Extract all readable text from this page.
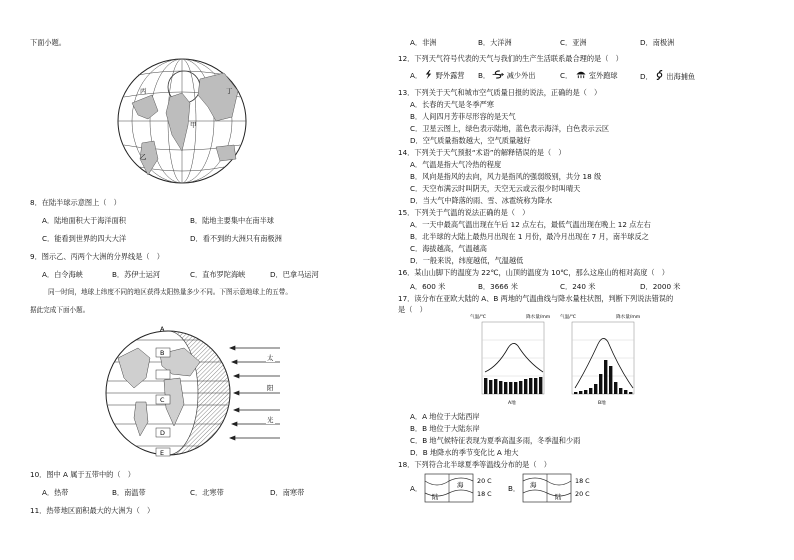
下面小题。
丙	丁
甲
乙
8．在陆半球示意图上（　）
A．陆地面积大于海洋面积	B．陆地主要集中在南半球
C．能看到世界的四大大洋	D．看不到的大洲只有南极洲
9．图示乙、丙两个大洲的分界线是（　）
A．白令海峡	B．苏伊士运河	C．直布罗陀海峡	D．巴拿马运河
同一时间，地球上纬度不同的地区获得太阳热量多少不同。下图示意地球上的五带。
据此完成下面小题。
A
B
C
D
E
太
阳
光
10．图中 A 属于五带中的（　）
A．热带	B．南温带	C．北寒带	D．南寒带
11．热带地区面积最大的大洲为（　）
A．非洲	B．大洋洲	C．亚洲	D．南极洲
12．下列天气符号代表的天气与我们的生产生活联系最合理的是（　）
A． 野外露营 B． 减少外出	C． 室外跑球	D． 出海捕鱼
13．下列关于天气和城市空气质量日报的说法，正确的是（　）
A．长春的天气是冬季严寒
B．人间四月芳菲尽形容的是天气
C．卫星云图上，绿色表示陆地，蓝色表示海洋，白色表示云区
D．空气质量指数越大，空气质量越好
14．下列关于天气预报“术语”的解释错误的是（　）
A．气温是指大气冷热的程度
B．风向是指风的去向，风力是指风的强弱级别，共分 18 级
C．天空布满云时叫阴天，天空无云或云很少时叫晴天
D．当大气中降落的雨、雪、冰雹统称为降水
15．下列关于气温的说法正确的是（　）
A．一天中最高气温出现在午后 12 点左右，最低气温出现在晚上 12 点左右
B．北半球的大陆上最热月出现在 1 月份，最冷月出现在 7 月，南半球反之
C．海拔越高，气温越高
D．一般来说，纬度越低，气温越低
16．某山山脚下的温度为 22℃，山顶的温度为 10℃，那么这座山的相对高度（　）
A．600 米	B．3666 米	C．240 米	D．2000 米
17．读分布在亚欧大陆的 A、B 两地的气温曲线与降水量柱状图，判断下列说法错误的
是（　）
气温/℃	降水量/mm
A地
气温/℃	降水量/mm
B地
A．A 地位于大陆西岸
B．B 地位于大陆东岸
C．B 地气候特征表现为夏季高温多雨，冬季温和少雨
D．B 地降水的季节变化比 A 地大
18．下列符合北半球夏季等温线分布的是（　）
A．
陆
海 20 C
18 C
B． 海
陆
18 C
20 C
